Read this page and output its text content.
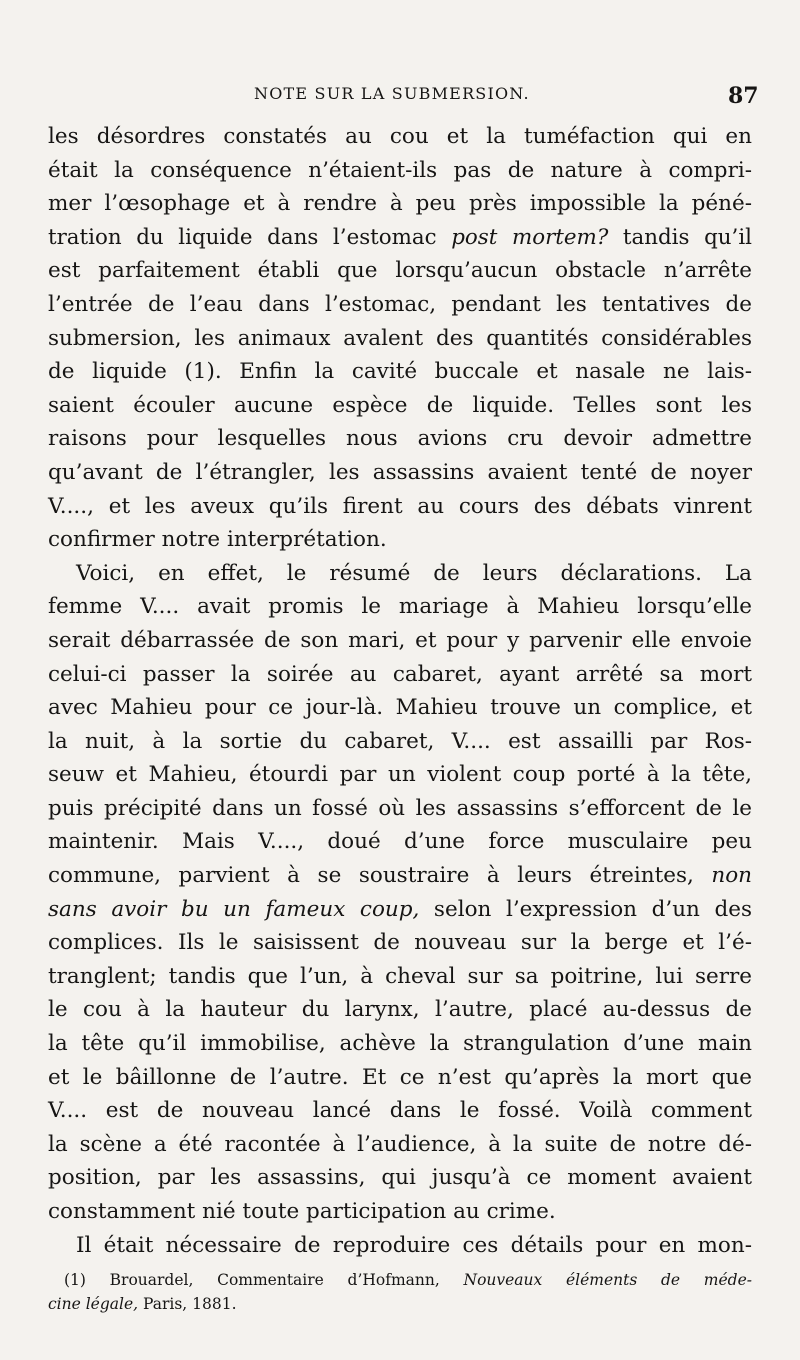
NOTE SUR LA SUBMERSION.	87
les désordres constatés au cou et la tuméfaction qui en
était la conséquence n’étaient-ils pas de nature à compri-
mer l’œsophage et à rendre à peu près impossible la péné-
tration du liquide dans l’estomac post mortem? tandis qu’il
est parfaitement établi que lorsqu’aucun obstacle n’arrête
l’entrée de l’eau dans l’estomac, pendant les tentatives de
submersion, les animaux avalent des quantités considérables
de liquide (1). Enfin la cavité buccale et nasale ne lais-
saient écouler aucune espèce de liquide. Telles sont les
raisons pour lesquelles nous avions cru devoir admettre
qu’avant de l’étrangler, les assassins avaient tenté de noyer
V...., et les aveux qu’ils firent au cours des débats vinrent
confirmer notre interprétation.
Voici, en effet, le résumé de leurs déclarations. La
femme V.... avait promis le mariage à Mahieu lorsqu’elle
serait débarrassée de son mari, et pour y parvenir elle envoie
celui-ci passer la soirée au cabaret, ayant arrêté sa mort
avec Mahieu pour ce jour-là. Mahieu trouve un complice, et
la nuit, à la sortie du cabaret, V.... est assailli par Ros-
seuw et Mahieu, étourdi par un violent coup porté à la tête,
puis précipité dans un fossé où les assassins s’efforcent de le
maintenir. Mais V...., doué d’une force musculaire peu
commune, parvient à se soustraire à leurs étreintes, non
sans avoir bu un fameux coup, selon l’expression d’un des
complices. Ils le saisissent de nouveau sur la berge et l’é-
tranglent; tandis que l’un, à cheval sur sa poitrine, lui serre
le cou à la hauteur du larynx, l’autre, placé au-dessus de
la tête qu’il immobilise, achève la strangulation d’une main
et le bâillonne de l’autre. Et ce n’est qu’après la mort que
V.... est de nouveau lancé dans le fossé. Voilà comment
la scène a été racontée à l’audience, à la suite de notre dé-
position, par les assassins, qui jusqu’à ce moment avaient
constamment nié toute participation au crime.
Il était nécessaire de reproduire ces détails pour en mon-
(1) Brouardel, Commentaire d’Hofmann, Nouveaux éléments de méde-
cine légale, Paris, 1881.
